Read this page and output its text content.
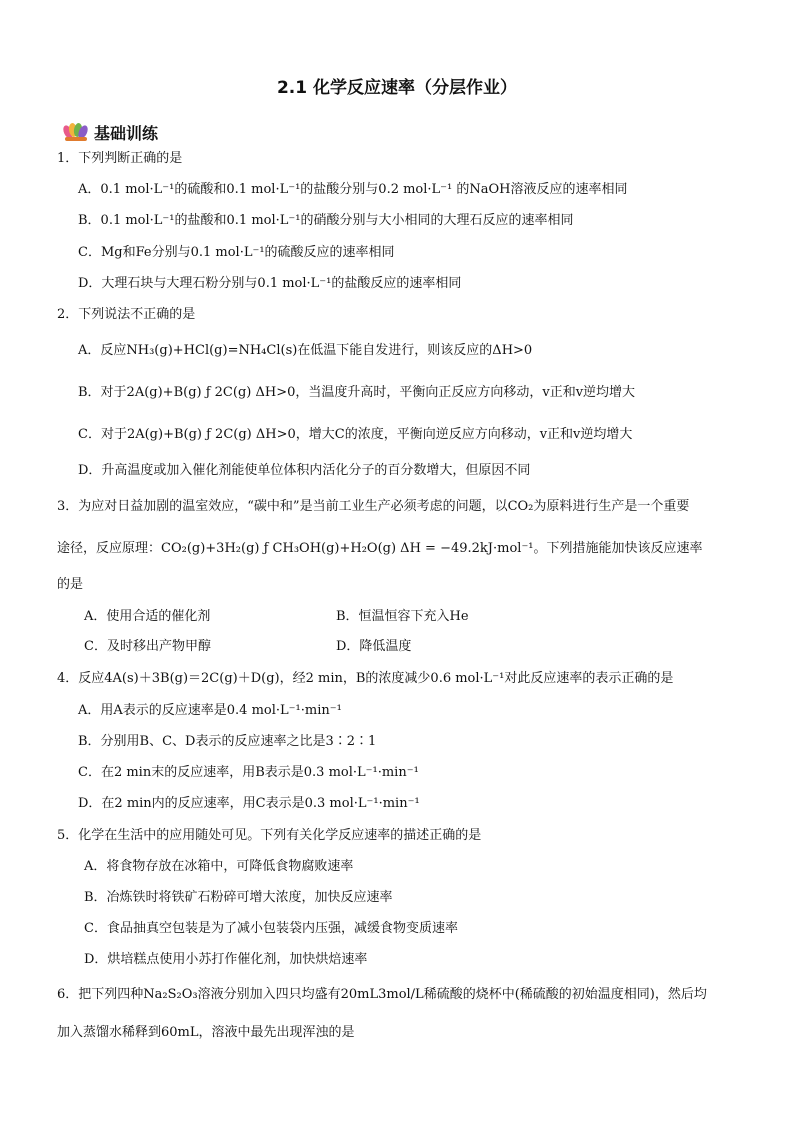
2.1 化学反应速率（分层作业）
基础训练
1．下列判断正确的是
A．0.1 mol·L⁻¹的硫酸和0.1 mol·L⁻¹的盐酸分别与0.2 mol·L⁻¹ 的NaOH溶液反应的速率相同
B．0.1 mol·L⁻¹的盐酸和0.1 mol·L⁻¹的硝酸分别与大小相同的大理石反应的速率相同
C．Mg和Fe分别与0.1 mol·L⁻¹的硫酸反应的速率相同
D．大理石块与大理石粉分别与0.1 mol·L⁻¹的盐酸反应的速率相同
2．下列说法不正确的是
A．反应NH₃(g)+HCl(g)=NH₄Cl(s)在低温下能自发进行，则该反应的ΔH>0
B．对于2A(g)+B(g) ƒ 2C(g) ΔH>0，当温度升高时，平衡向正反应方向移动，v正和v逆均增大
C．对于2A(g)+B(g) ƒ 2C(g) ΔH>0，增大C的浓度，平衡向逆反应方向移动，v正和v逆均增大
D．升高温度或加入催化剂能使单位体积内活化分子的百分数增大，但原因不同
3．为应对日益加剧的温室效应，“碳中和”是当前工业生产必须考虑的问题，以CO₂为原料进行生产是一个重要
途径，反应原理：CO₂(g)+3H₂(g) ƒ CH₃OH(g)+H₂O(g) ΔH = −49.2kJ·mol⁻¹。下列措施能加快该反应速率
的是
A．使用合适的催化剂	B．恒温恒容下充入He
C．及时移出产物甲醇	D．降低温度
4．反应4A(s)＋3B(g)＝2C(g)＋D(g)，经2 min，B的浓度减少0.6 mol·L⁻¹对此反应速率的表示正确的是
A．用A表示的反应速率是0.4 mol·L⁻¹·min⁻¹
B．分别用B、C、D表示的反应速率之比是3∶2∶1
C．在2 min末的反应速率，用B表示是0.3 mol·L⁻¹·min⁻¹
D．在2 min内的反应速率，用C表示是0.3 mol·L⁻¹·min⁻¹
5．化学在生活中的应用随处可见。下列有关化学反应速率的描述正确的是
A．将食物存放在冰箱中，可降低食物腐败速率
B．冶炼铁时将铁矿石粉碎可增大浓度，加快反应速率
C．食品抽真空包装是为了减小包装袋内压强，减缓食物变质速率
D．烘培糕点使用小苏打作催化剂，加快烘焙速率
6．把下列四种Na₂S₂O₃溶液分别加入四只均盛有20mL3mol/L稀硫酸的烧杯中(稀硫酸的初始温度相同)，然后均
加入蒸馏水稀释到60mL，溶液中最先出现浑浊的是
